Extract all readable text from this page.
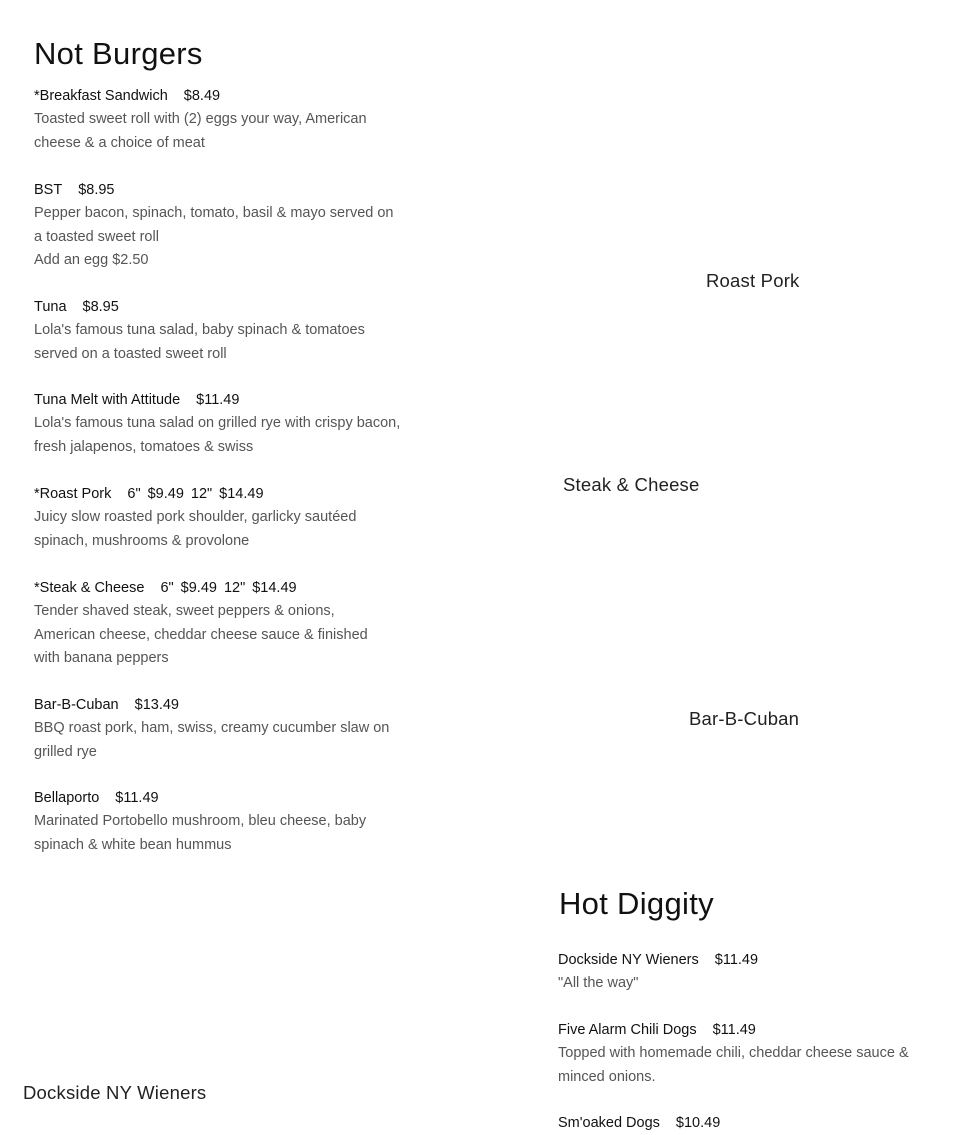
Not Burgers
*Breakfast Sandwich $8.49
Toasted sweet roll with (2) eggs your way, American
cheese & a choice of meat
BST $8.95
Pepper bacon, spinach, tomato, basil & mayo served on
a toasted sweet roll
Add an egg $2.50
Tuna $8.95
Lola's famous tuna salad, baby spinach & tomatoes
served on a toasted sweet roll
Tuna Melt with Attitude $11.49
Lola's famous tuna salad on grilled rye with crispy bacon,
fresh jalapenos, tomatoes & swiss
*Roast Pork 6" $9.49 12" $14.49
Juicy slow roasted pork shoulder, garlicky sautéed
spinach, mushrooms & provolone
*Steak & Cheese 6" $9.49 12" $14.49
Tender shaved steak, sweet peppers & onions,
American cheese, cheddar cheese sauce & finished
with banana peppers
Bar-B-Cuban $13.49
BBQ roast pork, ham, swiss, creamy cucumber slaw on
grilled rye
Bellaporto $11.49
Marinated Portobello mushroom, bleu cheese, baby
spinach & white bean hummus
Roast Pork
Steak & Cheese
Bar-B-Cuban
Dockside NY Wieners
Hot Diggity
Dockside NY Wieners $11.49
"All the way"
Five Alarm Chili Dogs $11.49
Topped with homemade chili, cheddar cheese sauce &
minced onions.
Sm'oaked Dogs $10.49
